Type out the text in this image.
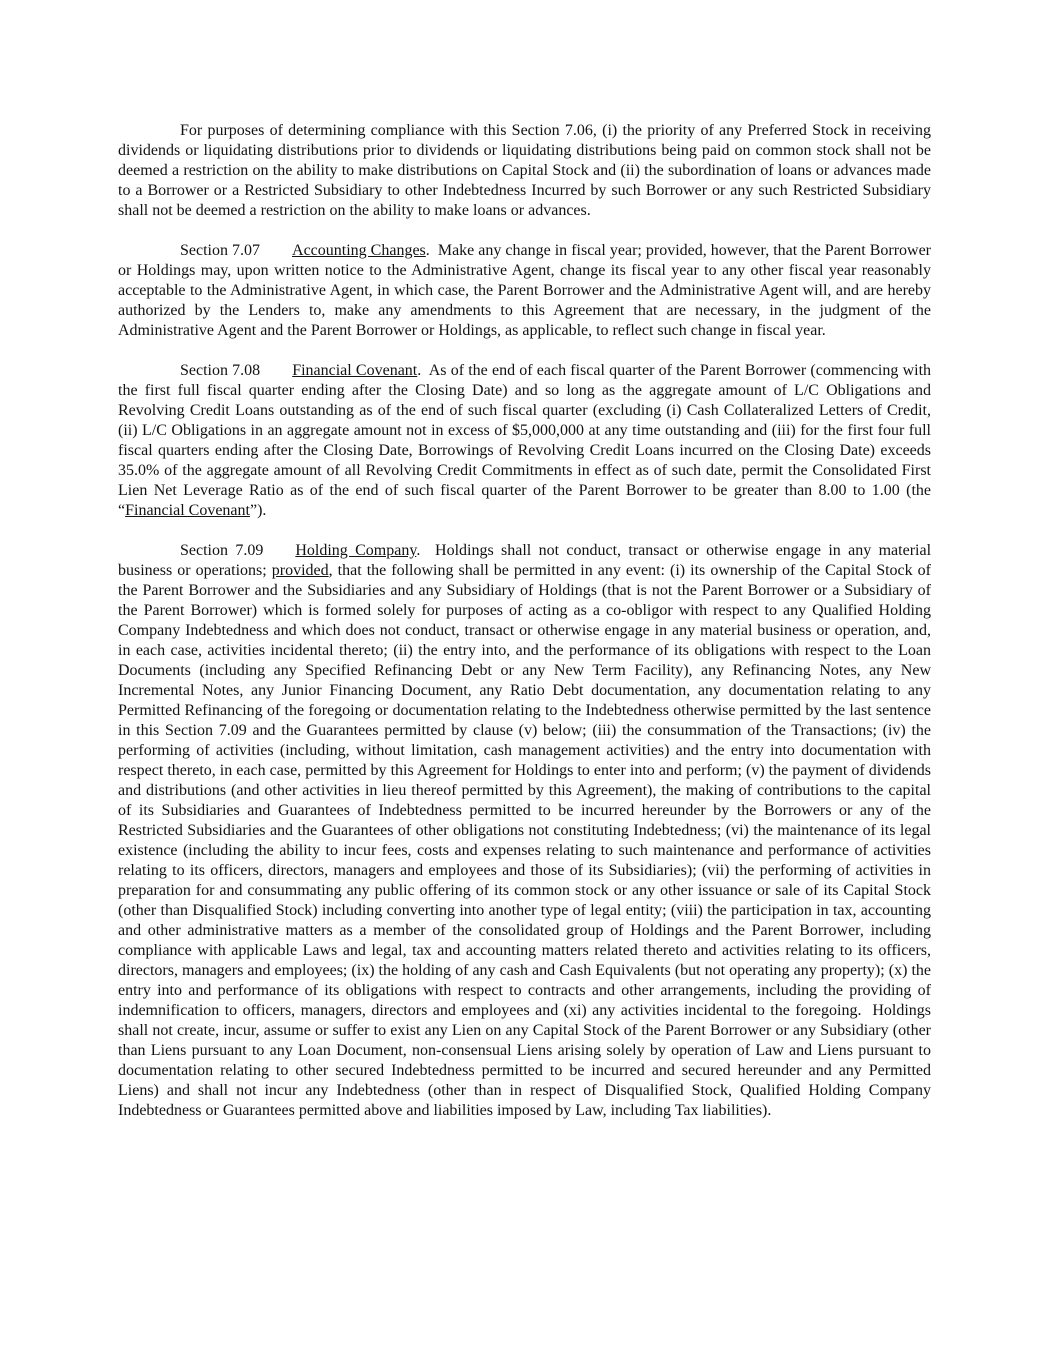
For purposes of determining compliance with this Section 7.06, (i) the priority of any Preferred Stock in receiving dividends or liquidating distributions prior to dividends or liquidating distributions being paid on common stock shall not be deemed a restriction on the ability to make distributions on Capital Stock and (ii) the subordination of loans or advances made to a Borrower or a Restricted Subsidiary to other Indebtedness Incurred by such Borrower or any such Restricted Subsidiary shall not be deemed a restriction on the ability to make loans or advances.

Section 7.07 Accounting Changes.  Make any change in fiscal year; provided, however, that the Parent Borrower or Holdings may, upon written notice to the Administrative Agent, change its fiscal year to any other fiscal year reasonably acceptable to the Administrative Agent, in which case, the Parent Borrower and the Administrative Agent will, and are hereby authorized by the Lenders to, make any amendments to this Agreement that are necessary, in the judgment of the Administrative Agent and the Parent Borrower or Holdings, as applicable, to reflect such change in fiscal year.

Section 7.08 Financial Covenant.  As of the end of each fiscal quarter of the Parent Borrower (commencing with the first full fiscal quarter ending after the Closing Date) and so long as the aggregate amount of L/C Obligations and Revolving Credit Loans outstanding as of the end of such fiscal quarter (excluding (i) Cash Collateralized Letters of Credit, (ii) L/C Obligations in an aggregate amount not in excess of $5,000,000 at any time outstanding and (iii) for the first four full fiscal quarters ending after the Closing Date, Borrowings of Revolving Credit Loans incurred on the Closing Date) exceeds 35.0% of the aggregate amount of all Revolving Credit Commitments in effect as of such date, permit the Consolidated First Lien Net Leverage Ratio as of the end of such fiscal quarter of the Parent Borrower to be greater than 8.00 to 1.00 (the “Financial Covenant”).

Section 7.09 Holding Company.  Holdings shall not conduct, transact or otherwise engage in any material business or operations; provided, that the following shall be permitted in any event: (i) its ownership of the Capital Stock of the Parent Borrower and the Subsidiaries and any Subsidiary of Holdings (that is not the Parent Borrower or a Subsidiary of the Parent Borrower) which is formed solely for purposes of acting as a co-obligor with respect to any Qualified Holding Company Indebtedness and which does not conduct, transact or otherwise engage in any material business or operation, and, in each case, activities incidental thereto; (ii) the entry into, and the performance of its obligations with respect to the Loan Documents (including any Specified Refinancing Debt or any New Term Facility), any Refinancing Notes, any New Incremental Notes, any Junior Financing Document, any Ratio Debt documentation, any documentation relating to any Permitted Refinancing of the foregoing or documentation relating to the Indebtedness otherwise permitted by the last sentence in this Section 7.09 and the Guarantees permitted by clause (v) below; (iii) the consummation of the Transactions; (iv) the performing of activities (including, without limitation, cash management activities) and the entry into documentation with respect thereto, in each case, permitted by this Agreement for Holdings to enter into and perform; (v) the payment of dividends and distributions (and other activities in lieu thereof permitted by this Agreement), the making of contributions to the capital of its Subsidiaries and Guarantees of Indebtedness permitted to be incurred hereunder by the Borrowers or any of the Restricted Subsidiaries and the Guarantees of other obligations not constituting Indebtedness; (vi) the maintenance of its legal existence (including the ability to incur fees, costs and expenses relating to such maintenance and performance of activities relating to its officers, directors, managers and employees and those of its Subsidiaries); (vii) the performing of activities in preparation for and consummating any public offering of its common stock or any other issuance or sale of its Capital Stock (other than Disqualified Stock) including converting into another type of legal entity; (viii) the participation in tax, accounting and other administrative matters as a member of the consolidated group of Holdings and the Parent Borrower, including compliance with applicable Laws and legal, tax and accounting matters related thereto and activities relating to its officers, directors, managers and employees; (ix) the holding of any cash and Cash Equivalents (but not operating any property); (x) the entry into and performance of its obligations with respect to contracts and other arrangements, including the providing of indemnification to officers, managers, directors and employees and (xi) any activities incidental to the foregoing.  Holdings shall not create, incur, assume or suffer to exist any Lien on any Capital Stock of the Parent Borrower or any Subsidiary (other than Liens pursuant to any Loan Document, non-consensual Liens arising solely by operation of Law and Liens pursuant to documentation relating to other secured Indebtedness permitted to be incurred and secured hereunder and any Permitted Liens) and shall not incur any Indebtedness (other than in respect of Disqualified Stock, Qualified Holding Company Indebtedness or Guarantees permitted above and liabilities imposed by Law, including Tax liabilities).
